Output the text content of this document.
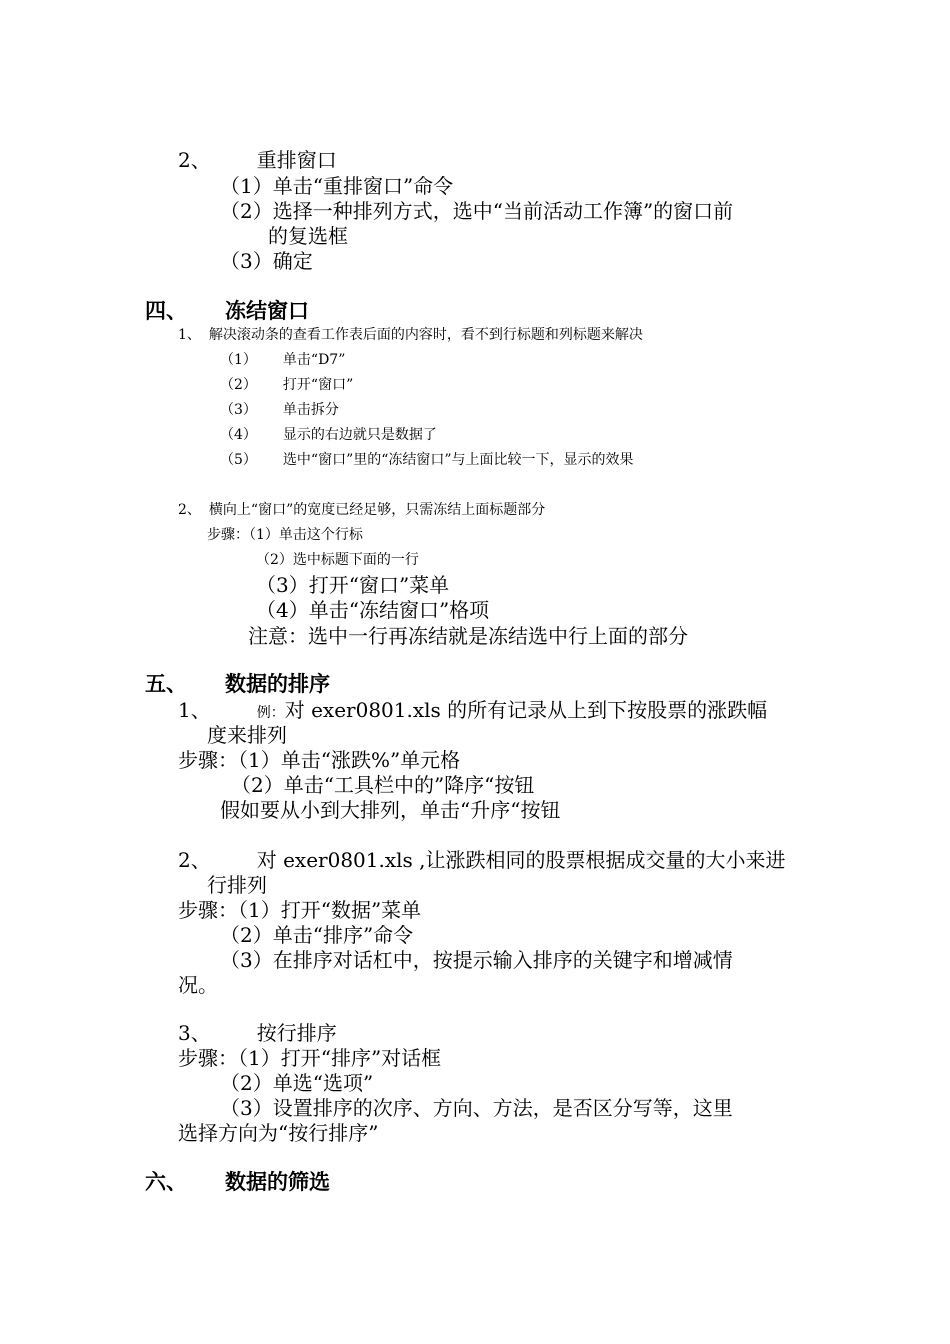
2、 重排窗口
（1）单击“重排窗口”命令
（2）选择一种排列方式，选中“当前活动工作簿”的窗口前
的复选框
（3）确定
四、 冻结窗口
1、 解决滚动条的查看工作表后面的内容时，看不到行标题和列标题来解决
（1） 单击“D7”
（2） 打开“窗口”
（3） 单击拆分
（4） 显示的右边就只是数据了
（5） 选中“窗口”里的“冻结窗口”与上面比较一下，显示的效果
2、 横向上“窗口”的宽度已经足够，只需冻结上面标题部分
步骤：（1）单击这个行标
（2）选中标题下面的一行
（3）打开“窗口”菜单
（4）单击“冻结窗口”格项
注意：选中一行再冻结就是冻结选中行上面的部分
五、 数据的排序
1、	例：对 exer0801.xls 的所有记录从上到下按股票的涨跌幅
度来排列
步骤：（1）单击“涨跌%”单元格
（2）单击“工具栏中的”降序“按钮
假如要从小到大排列，单击“升序“按钮
2、 对 exer0801.xls ,让涨跌相同的股票根据成交量的大小来进
行排列
步骤：（1）打开“数据”菜单
（2）单击“排序”命令
（3）在排序对话杠中，按提示输入排序的关键字和增减情
况。
3、 按行排序
步骤：（1）打开“排序”对话框
（2）单选“选项”
（3）设置排序的次序、方向、方法，是否区分写等，这里
选择方向为“按行排序”
六、 数据的筛选
